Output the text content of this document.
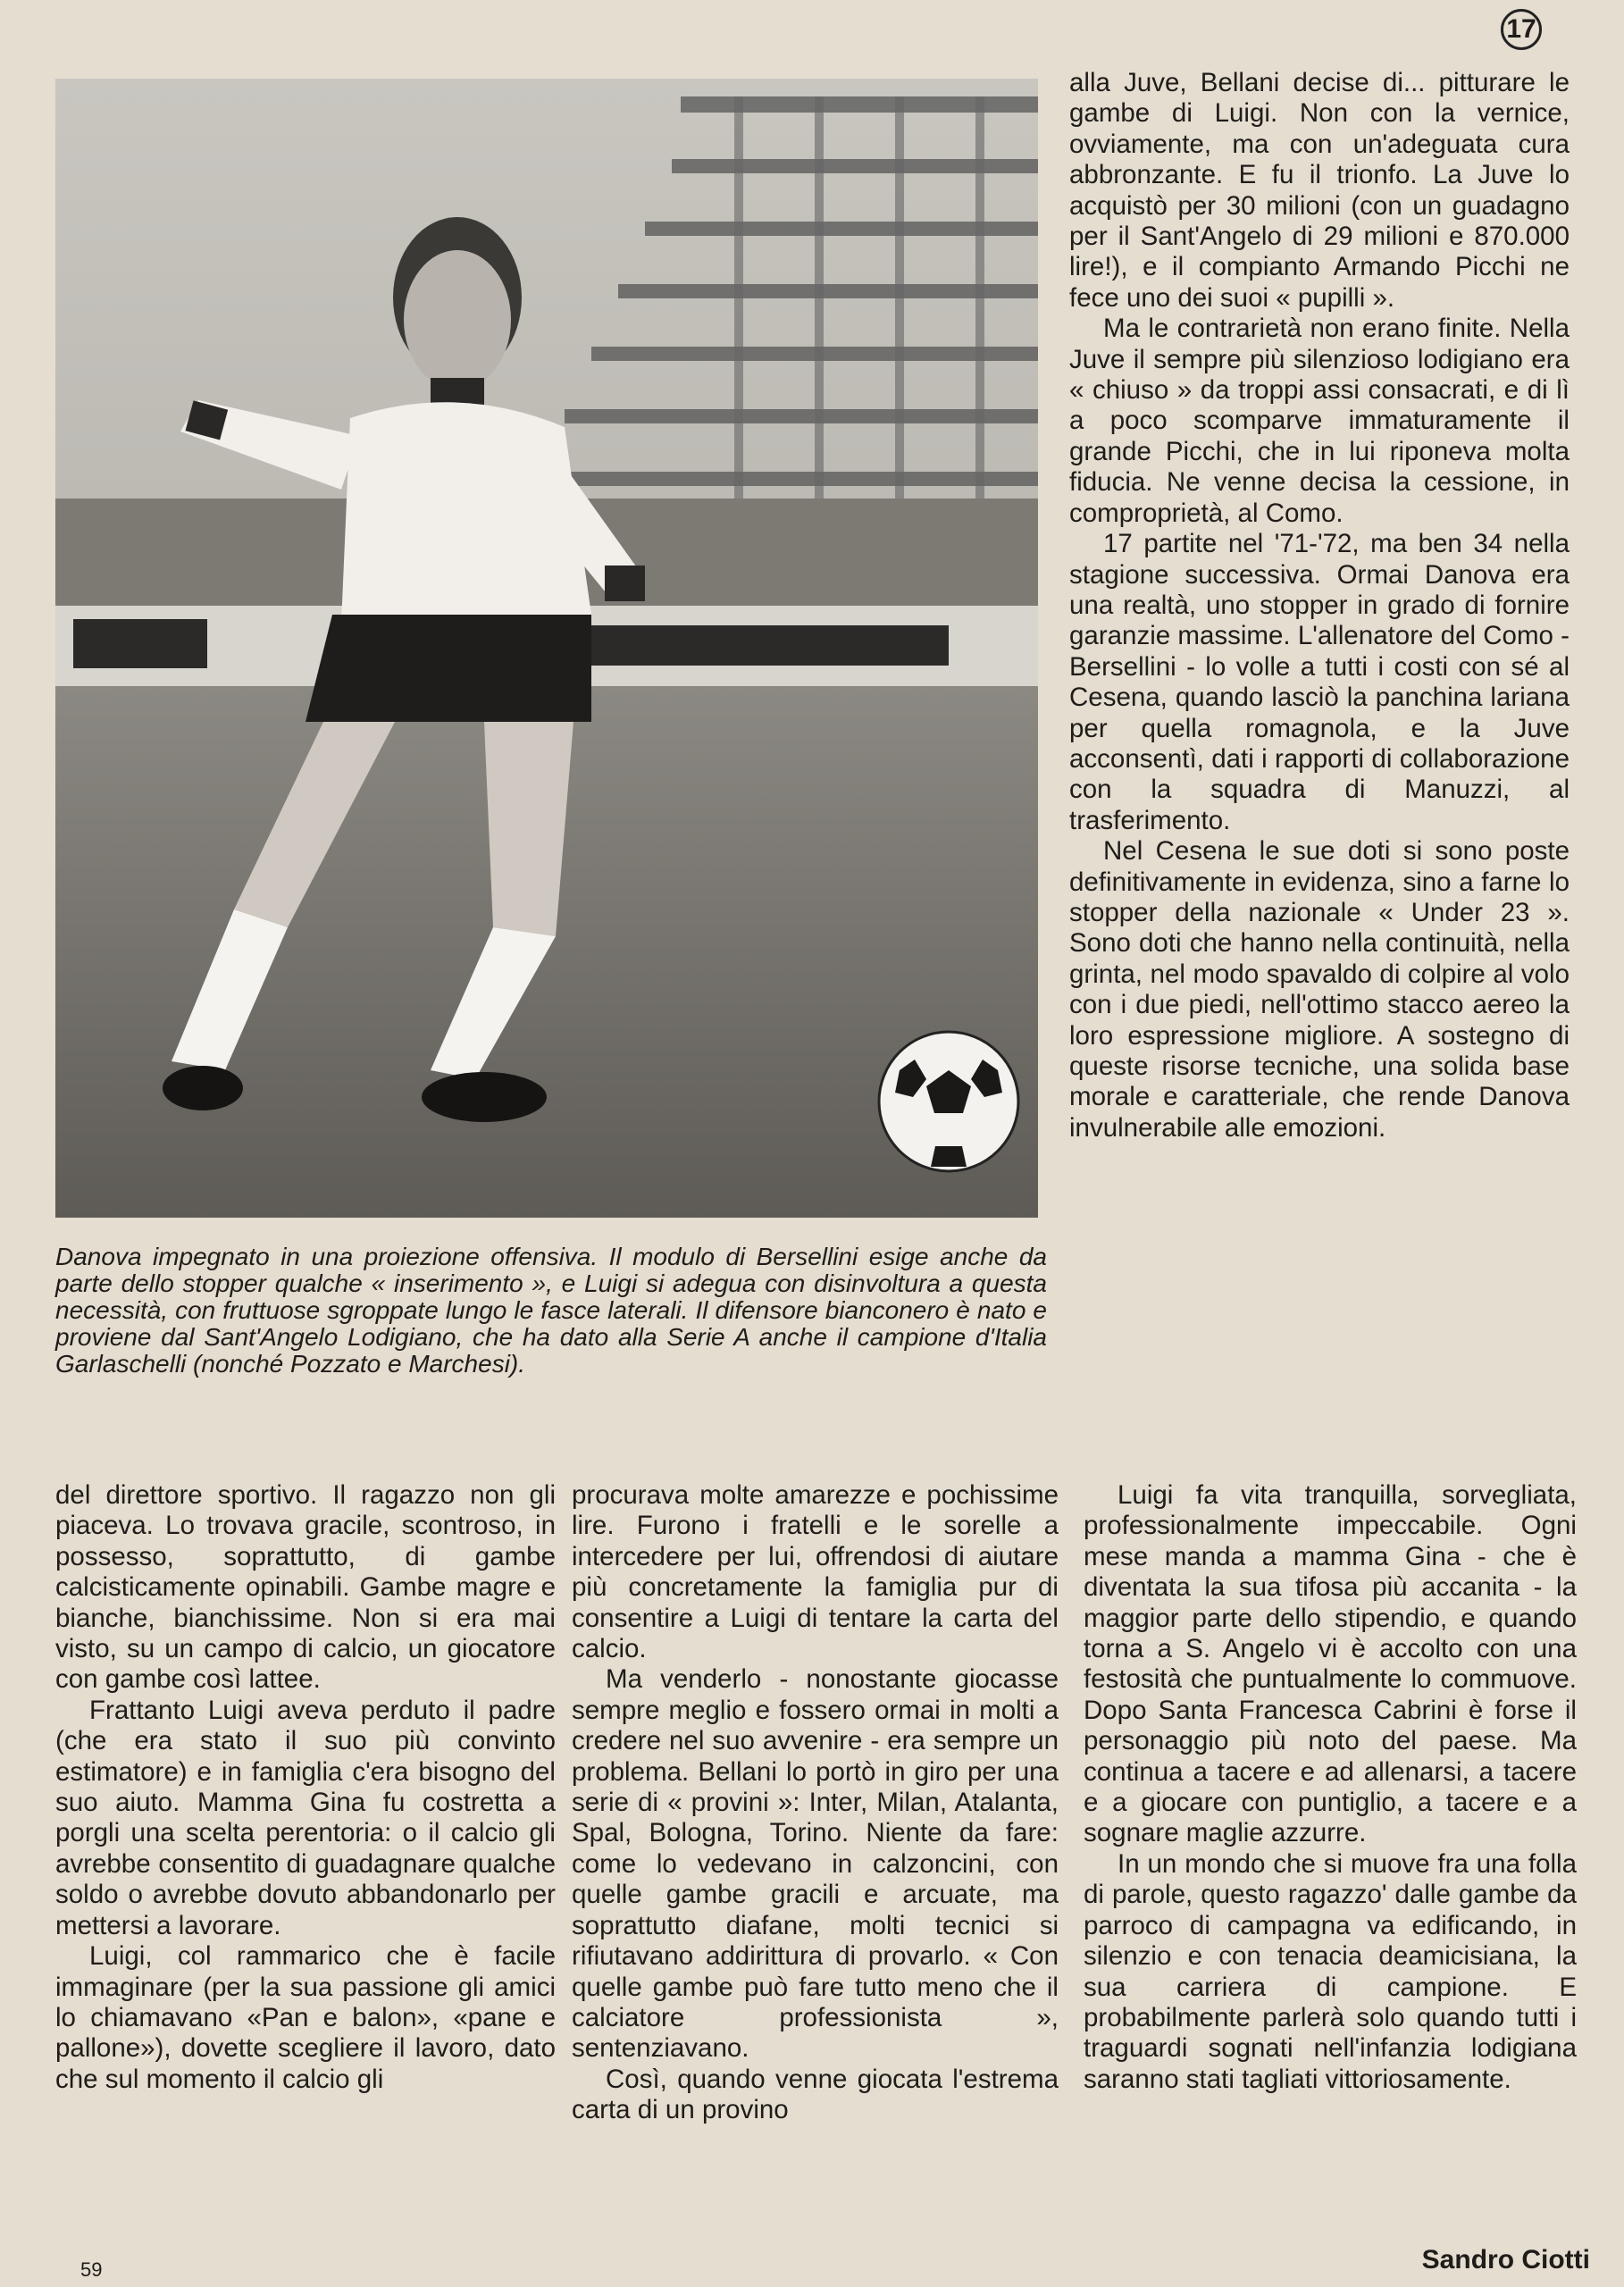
17

Danova impegnato in una proiezione offensiva. Il modulo di Bersellini esige anche da parte dello stopper qualche « inserimento », e Luigi si adegua con disinvoltura a questa necessità, con fruttuose sgroppate lungo le fasce laterali. Il difensore bianconero è nato e proviene dal Sant'Angelo Lodigiano, che ha dato alla Serie A anche il campione d'Italia Garlaschelli (nonché Pozzato e Marchesi).

alla Juve, Bellani decise di... pitturare le gambe di Luigi. Non con la vernice, ovviamente, ma con un'adeguata cura abbronzante. E fu il trionfo. La Juve lo acquistò per 30 milioni (con un guadagno per il Sant'Angelo di 29 milioni e 870.000 lire!), e il compianto Armando Picchi ne fece uno dei suoi « pupilli ».

Ma le contrarietà non erano finite. Nella Juve il sempre più silenzioso lodigiano era « chiuso » da troppi assi consacrati, e di lì a poco scomparve immaturamente il grande Picchi, che in lui riponeva molta fiducia. Ne venne decisa la cessione, in comproprietà, al Como.

17 partite nel '71-'72, ma ben 34 nella stagione successiva. Ormai Danova era una realtà, uno stopper in grado di fornire garanzie massime. L'allenatore del Como - Bersellini - lo volle a tutti i costi con sé al Cesena, quando lasciò la panchina lariana per quella romagnola, e la Juve acconsentì, dati i rapporti di collaborazione con la squadra di Manuzzi, al trasferimento.

Nel Cesena le sue doti si sono poste definitivamente in evidenza, sino a farne lo stopper della nazionale « Under 23 ». Sono doti che hanno nella continuità, nella grinta, nel modo spavaldo di colpire al volo con i due piedi, nell'ottimo stacco aereo la loro espressione migliore. A sostegno di queste risorse tecniche, una solida base morale e caratteriale, che rende Danova invulnerabile alle emozioni.

del direttore sportivo. Il ragazzo non gli piaceva. Lo trovava gracile, scontroso, in possesso, soprattutto, di gambe calcisticamente opinabili. Gambe magre e bianche, bianchissime. Non si era mai visto, su un campo di calcio, un giocatore con gambe così lattee.

Frattanto Luigi aveva perduto il padre (che era stato il suo più convinto estimatore) e in famiglia c'era bisogno del suo aiuto. Mamma Gina fu costretta a porgli una scelta perentoria: o il calcio gli avrebbe consentito di guadagnare qualche soldo o avrebbe dovuto abbandonarlo per mettersi a lavorare.

Luigi, col rammarico che è facile immaginare (per la sua passione gli amici lo chiamavano «Pan e balon», «pane e pallone»), dovette scegliere il lavoro, dato che sul momento il calcio gli

procurava molte amarezze e pochissime lire. Furono i fratelli e le sorelle a intercedere per lui, offrendosi di aiutare più concretamente la famiglia pur di consentire a Luigi di tentare la carta del calcio.

Ma venderlo - nonostante giocasse sempre meglio e fossero ormai in molti a credere nel suo avvenire - era sempre un problema. Bellani lo portò in giro per una serie di « provini »: Inter, Milan, Atalanta, Spal, Bologna, Torino. Niente da fare: come lo vedevano in calzoncini, con quelle gambe gracili e arcuate, ma soprattutto diafane, molti tecnici si rifiutavano addirittura di provarlo. « Con quelle gambe può fare tutto meno che il calciatore professionista », sentenziavano.

Così, quando venne giocata l'estrema carta di un provino

Luigi fa vita tranquilla, sorvegliata, professionalmente impeccabile. Ogni mese manda a mamma Gina - che è diventata la sua tifosa più accanita - la maggior parte dello stipendio, e quando torna a S. Angelo vi è accolto con una festosità che puntualmente lo commuove. Dopo Santa Francesca Cabrini è forse il personaggio più noto del paese. Ma continua a tacere e ad allenarsi, a tacere e a giocare con puntiglio, a tacere e a sognare maglie azzurre.

In un mondo che si muove fra una folla di parole, questo ragazzo' dalle gambe da parroco di campagna va edificando, in silenzio e con tenacia deamicisiana, la sua carriera di campione. E probabilmente parlerà solo quando tutti i traguardi sognati nell'infanzia lodigiana saranno stati tagliati vittoriosamente.

Sandro Ciotti
59
